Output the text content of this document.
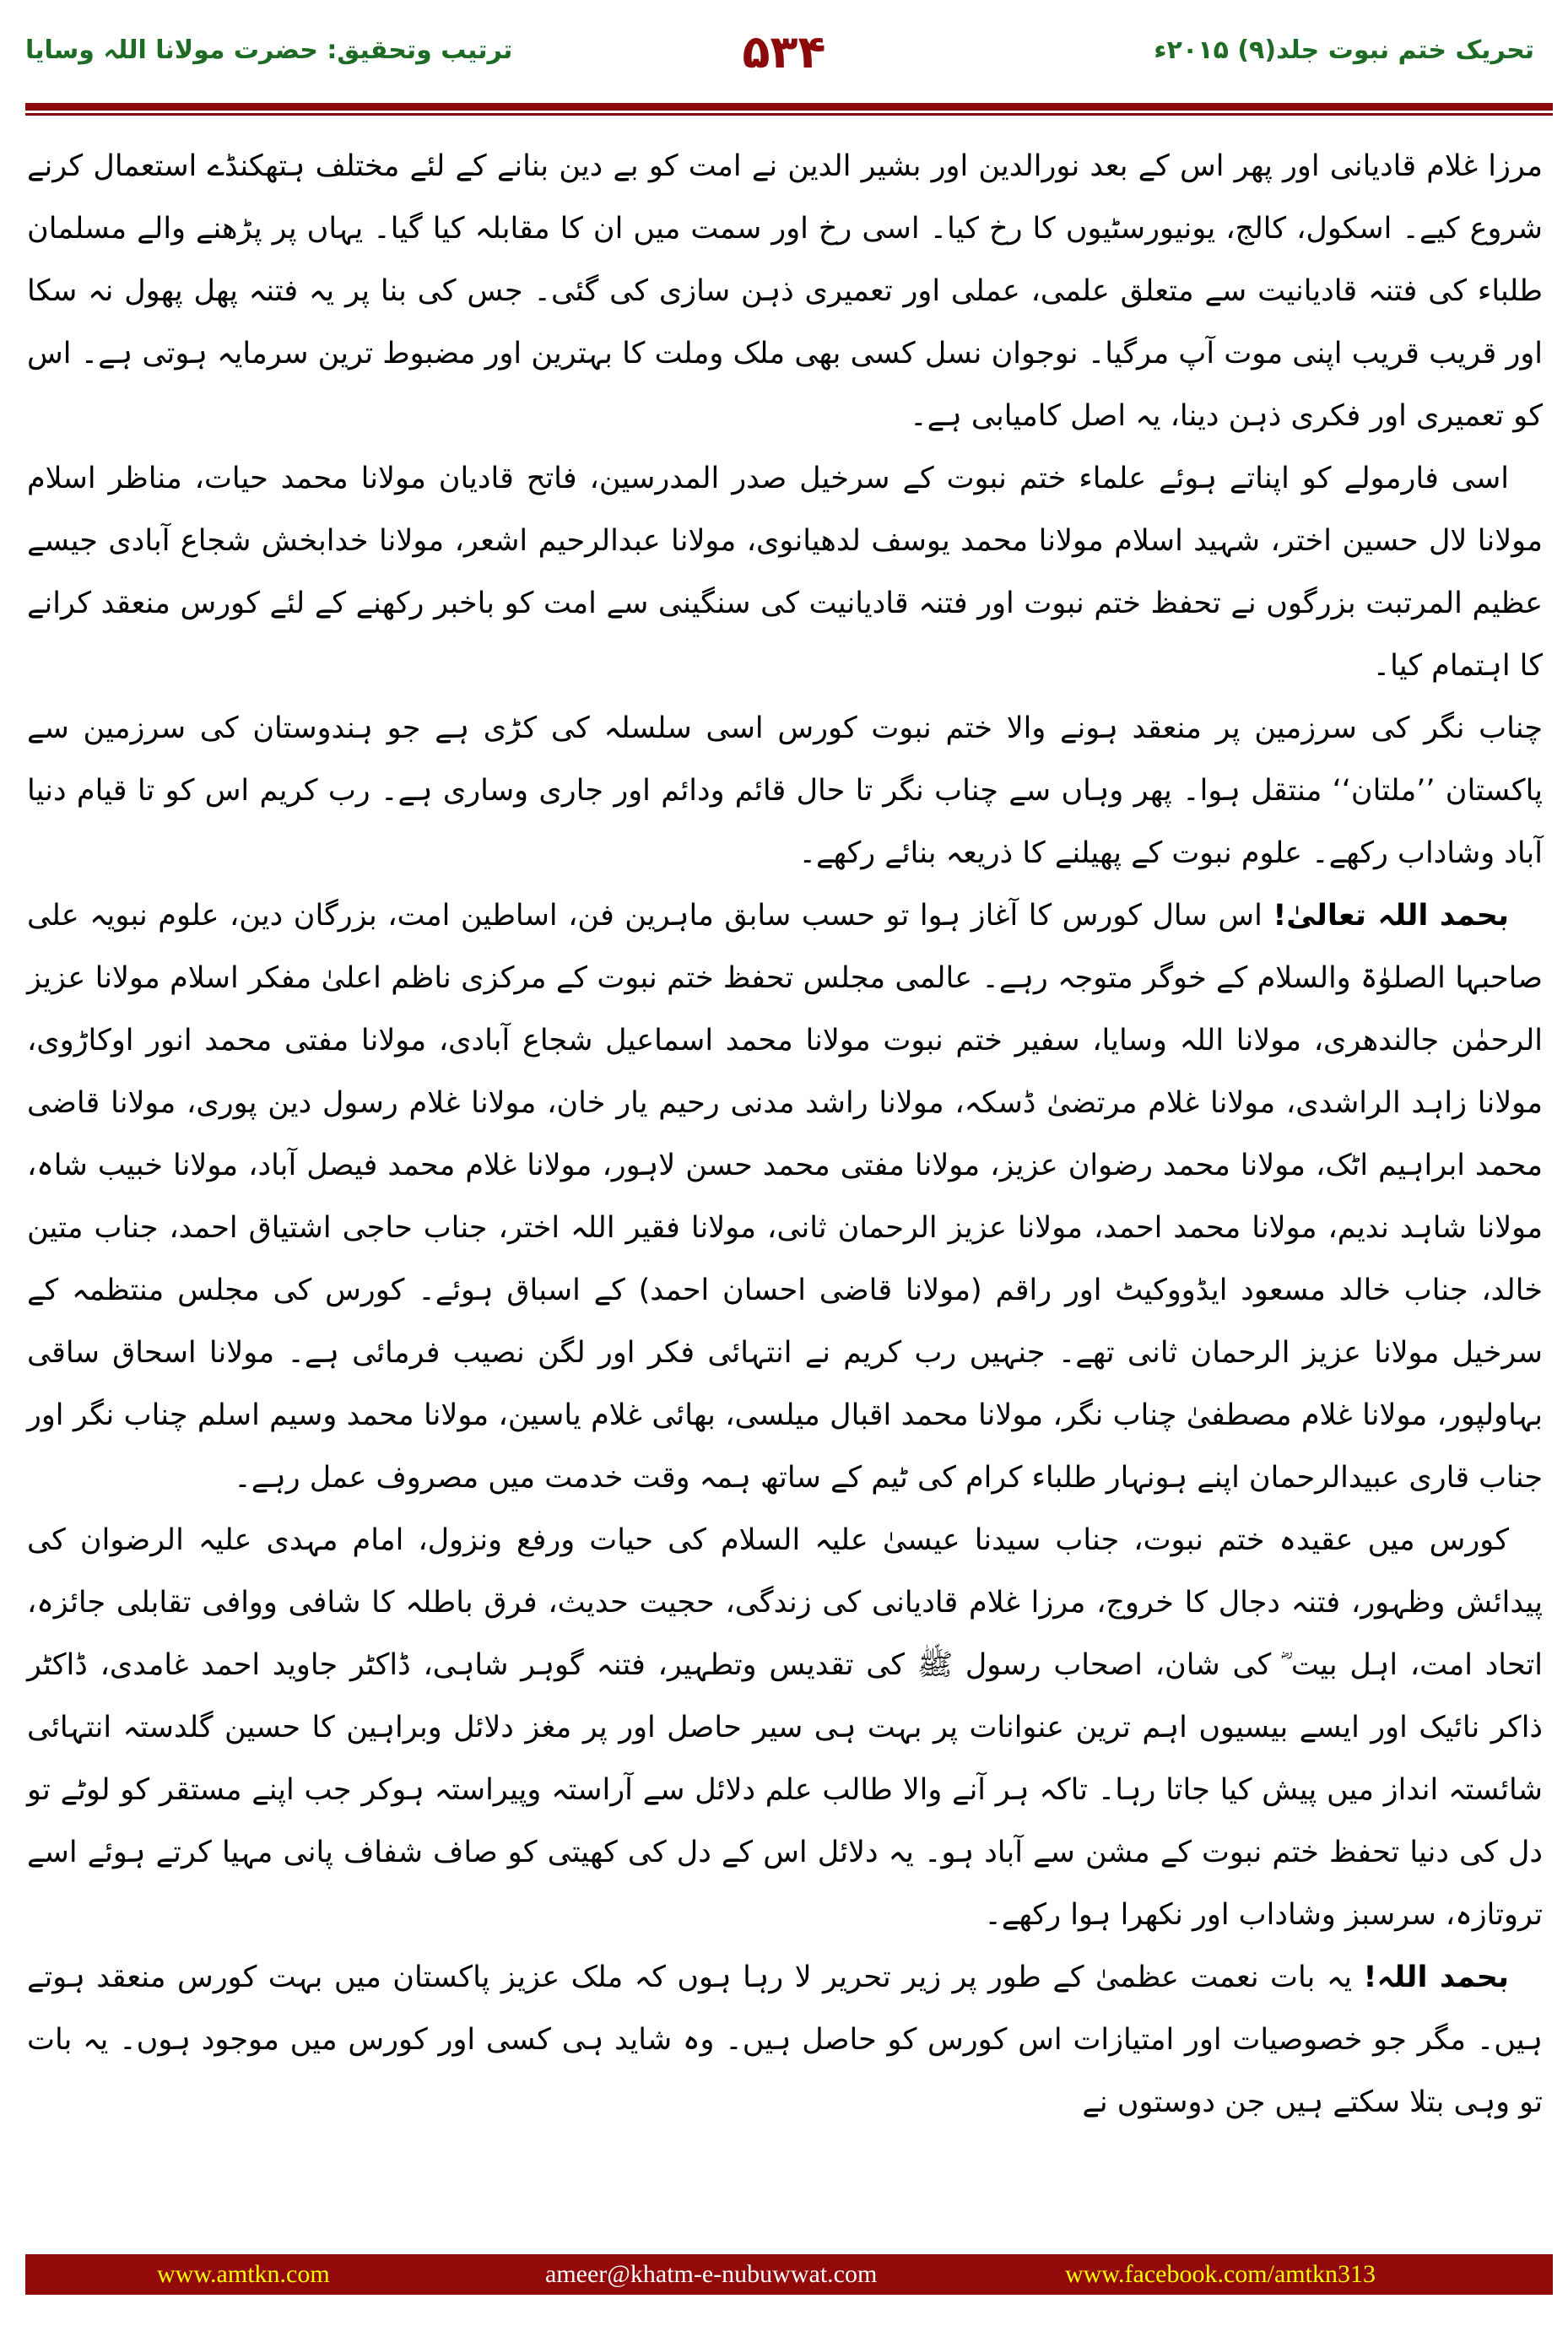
تحریک ختم نبوت جلد(۹) ۲۰۱۵ء
۵۳۴
ترتیب وتحقیق: حضرت مولانا اللہ وسایا

مرزا غلام قادیانی اور پھر اس کے بعد نورالدین اور بشیر الدین نے امت کو بے دین بنانے کے لئے مختلف ہتھکنڈے استعمال کرنے شروع کیے۔ اسکول، کالج، یونیورسٹیوں کا رخ کیا۔ اسی رخ اور سمت میں ان کا مقابلہ کیا گیا۔ یہاں پر پڑھنے والے مسلمان طلباء کی فتنہ قادیانیت سے متعلق علمی، عملی اور تعمیری ذہن سازی کی گئی۔ جس کی بنا پر یہ فتنہ پھل پھول نہ سکا اور قریب قریب اپنی موت آپ مرگیا۔ نوجوان نسل کسی بھی ملک وملت کا بہترین اور مضبوط ترین سرمایہ ہوتی ہے۔ اس کو تعمیری اور فکری ذہن دینا، یہ اصل کامیابی ہے۔

اسی فارمولے کو اپناتے ہوئے علماء ختم نبوت کے سرخیل صدر المدرسین، فاتح قادیان مولانا محمد حیات، مناظر اسلام مولانا لال حسین اختر، شہید اسلام مولانا محمد یوسف لدھیانوی، مولانا عبدالرحیم اشعر، مولانا خدابخش شجاع آبادی جیسے عظیم المرتبت بزرگوں نے تحفظ ختم نبوت اور فتنہ قادیانیت کی سنگینی سے امت کو باخبر رکھنے کے لئے کورس منعقد کرانے کا اہتمام کیا۔

چناب نگر کی سرزمین پر منعقد ہونے والا ختم نبوت کورس اسی سلسلہ کی کڑی ہے جو ہندوستان کی سرزمین سے پاکستان ’’ملتان‘‘ منتقل ہوا۔ پھر وہاں سے چناب نگر تا حال قائم ودائم اور جاری وساری ہے۔ رب کریم اس کو تا قیام دنیا آباد وشاداب رکھے۔ علوم نبوت کے پھیلنے کا ذریعہ بنائے رکھے۔

بحمد اللہ تعالیٰ! اس سال کورس کا آغاز ہوا تو حسب سابق ماہرین فن، اساطین امت، بزرگان دین، علوم نبویہ علی صاحبہا الصلوٰۃ والسلام کے خوگر متوجہ رہے۔ عالمی مجلس تحفظ ختم نبوت کے مرکزی ناظم اعلیٰ مفکر اسلام مولانا عزیز الرحمٰن جالندھری، مولانا اللہ وسایا، سفیر ختم نبوت مولانا محمد اسماعیل شجاع آبادی، مولانا مفتی محمد انور اوکاڑوی، مولانا زاہد الراشدی، مولانا غلام مرتضیٰ ڈسکہ، مولانا راشد مدنی رحیم یار خان، مولانا غلام رسول دین پوری، مولانا قاضی محمد ابراہیم اٹک، مولانا محمد رضوان عزیز، مولانا مفتی محمد حسن لاہور، مولانا غلام محمد فیصل آباد، مولانا خبیب شاہ، مولانا شاہد ندیم، مولانا محمد احمد، مولانا عزیز الرحمان ثانی، مولانا فقیر اللہ اختر، جناب حاجی اشتیاق احمد، جناب متین خالد، جناب خالد مسعود ایڈووکیٹ اور راقم (مولانا قاضی احسان احمد) کے اسباق ہوئے۔ کورس کی مجلس منتظمہ کے سرخیل مولانا عزیز الرحمان ثانی تھے۔ جنہیں رب کریم نے انتہائی فکر اور لگن نصیب فرمائی ہے۔ مولانا اسحاق ساقی بہاولپور، مولانا غلام مصطفیٰ چناب نگر، مولانا محمد اقبال میلسی، بھائی غلام یاسین، مولانا محمد وسیم اسلم چناب نگر اور جناب قاری عبیدالرحمان اپنے ہونہار طلباء کرام کی ٹیم کے ساتھ ہمہ وقت خدمت میں مصروف عمل رہے۔

کورس میں عقیدہ ختم نبوت، جناب سیدنا عیسیٰ علیہ السلام کی حیات ورفع ونزول، امام مہدی علیہ الرضوان کی پیدائش وظہور، فتنہ دجال کا خروج، مرزا غلام قادیانی کی زندگی، حجیت حدیث، فرق باطلہ کا شافی ووافی تقابلی جائزہ، اتحاد امت، اہل بیت ؓ کی شان، اصحاب رسول ﷺ کی تقدیس وتطہیر، فتنہ گوہر شاہی، ڈاکٹر جاوید احمد غامدی، ڈاکٹر ذاکر نائیک اور ایسے بیسیوں اہم ترین عنوانات پر بہت ہی سیر حاصل اور پر مغز دلائل وبراہین کا حسین گلدستہ انتہائی شائستہ انداز میں پیش کیا جاتا رہا۔ تاکہ ہر آنے والا طالب علم دلائل سے آراستہ وپیراستہ ہوکر جب اپنے مستقر کو لوٹے تو دل کی دنیا تحفظ ختم نبوت کے مشن سے آباد ہو۔ یہ دلائل اس کے دل کی کھیتی کو صاف شفاف پانی مہیا کرتے ہوئے اسے تروتازہ، سرسبز وشاداب اور نکھرا ہوا رکھے۔

بحمد اللہ! یہ بات نعمت عظمیٰ کے طور پر زیر تحریر لا رہا ہوں کہ ملک عزیز پاکستان میں بہت کورس منعقد ہوتے ہیں۔ مگر جو خصوصیات اور امتیازات اس کورس کو حاصل ہیں۔ وہ شاید ہی کسی اور کورس میں موجود ہوں۔ یہ بات تو وہی بتلا سکتے ہیں جن دوستوں نے

www.amtkn.com	ameer@khatm-e-nubuwwat.com	www.facebook.com/amtkn313
